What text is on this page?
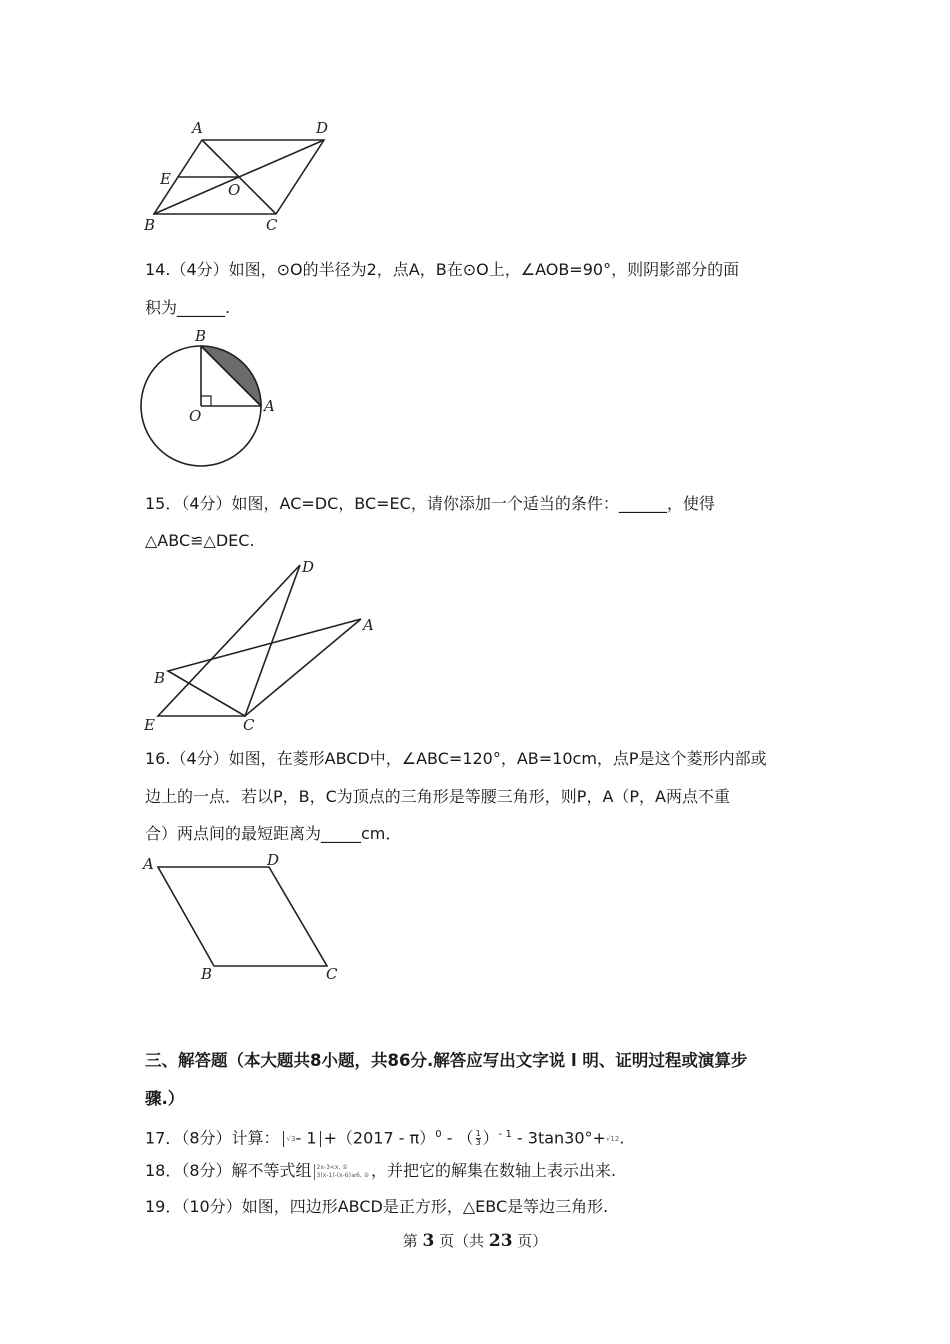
A	D
E
O
B	C
14.（4分）如图，⊙O的半径为2，点A，B在⊙O上，∠AOB=90°，则阴影部分的面
积为______.
B
O
A
15．（4分）如图，AC=DC，BC=EC，请你添加一个适当的条件：______，使得
△ABC≌△DEC.
D
A
B
E	C
16.（4分）如图，在菱形ABCD中，∠ABC=120°，AB=10cm，点P是这个菱形内部或
边上的一点．若以P，B，C为顶点的三角形是等腰三角形，则P，A（P，A两点不重
合）两点间的最短距离为_____cm．
A	D
B	C
三、解答题（本大题共8小题，共86分.解答应写出文字说 l 明、证明过程或演算步
骤.）
17．（8分）计算： √3- 1 +（2017 - π）$^0$ - （ $\frac{1}{3} )^{- 1} - 3\tan 30^\circ+√12$.
18．（8分）解不等式组 2x-3<x, ①
3(x-1)-(x-6)≥6, ② ，并把它的解集在数轴上表示出来.
19．（10分）如图，四边形ABCD是正方形，△EBC是等边三角形.
第 3 页（共 23 页）
